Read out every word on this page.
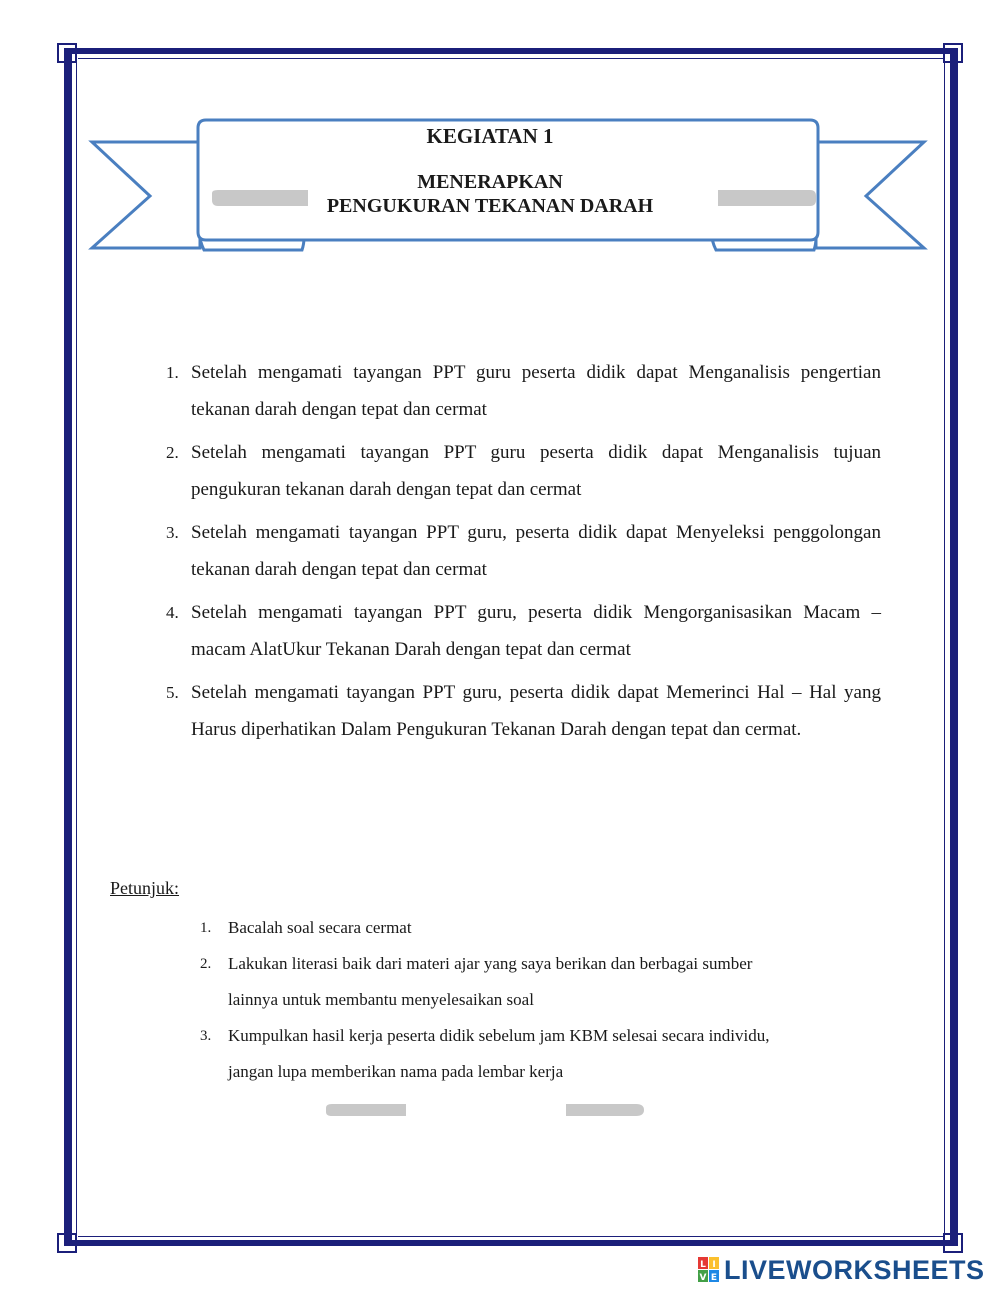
KEGIATAN 1
MENERAPKAN
PENGUKURAN TEKANAN DARAH
1. Setelah mengamati tayangan PPT guru peserta didik dapat Menganalisis pengertian tekanan darah dengan tepat dan cermat
2. Setelah mengamati tayangan PPT guru peserta didik dapat Menganalisis tujuan pengukuran tekanan darah dengan tepat dan cermat
3. Setelah mengamati tayangan PPT guru, peserta didik dapat Menyeleksi penggolongan tekanan darah dengan tepat dan cermat
4. Setelah mengamati tayangan PPT guru, peserta didik Mengorganisasikan Macam – macam AlatUkur Tekanan Darah dengan tepat dan cermat
5. Setelah mengamati tayangan PPT guru, peserta didik dapat Memerinci Hal – Hal yang Harus diperhatikan Dalam Pengukuran Tekanan Darah dengan tepat dan cermat.
Petunjuk:
1. Bacalah soal secara cermat
2. Lakukan literasi baik dari materi ajar yang saya berikan dan berbagai sumber lainnya untuk membantu menyelesaikan soal
3. Kumpulkan hasil kerja peserta didik sebelum jam KBM selesai secara individu, jangan lupa memberikan nama pada lembar kerja
L I
V E LIVEWORKSHEETS
